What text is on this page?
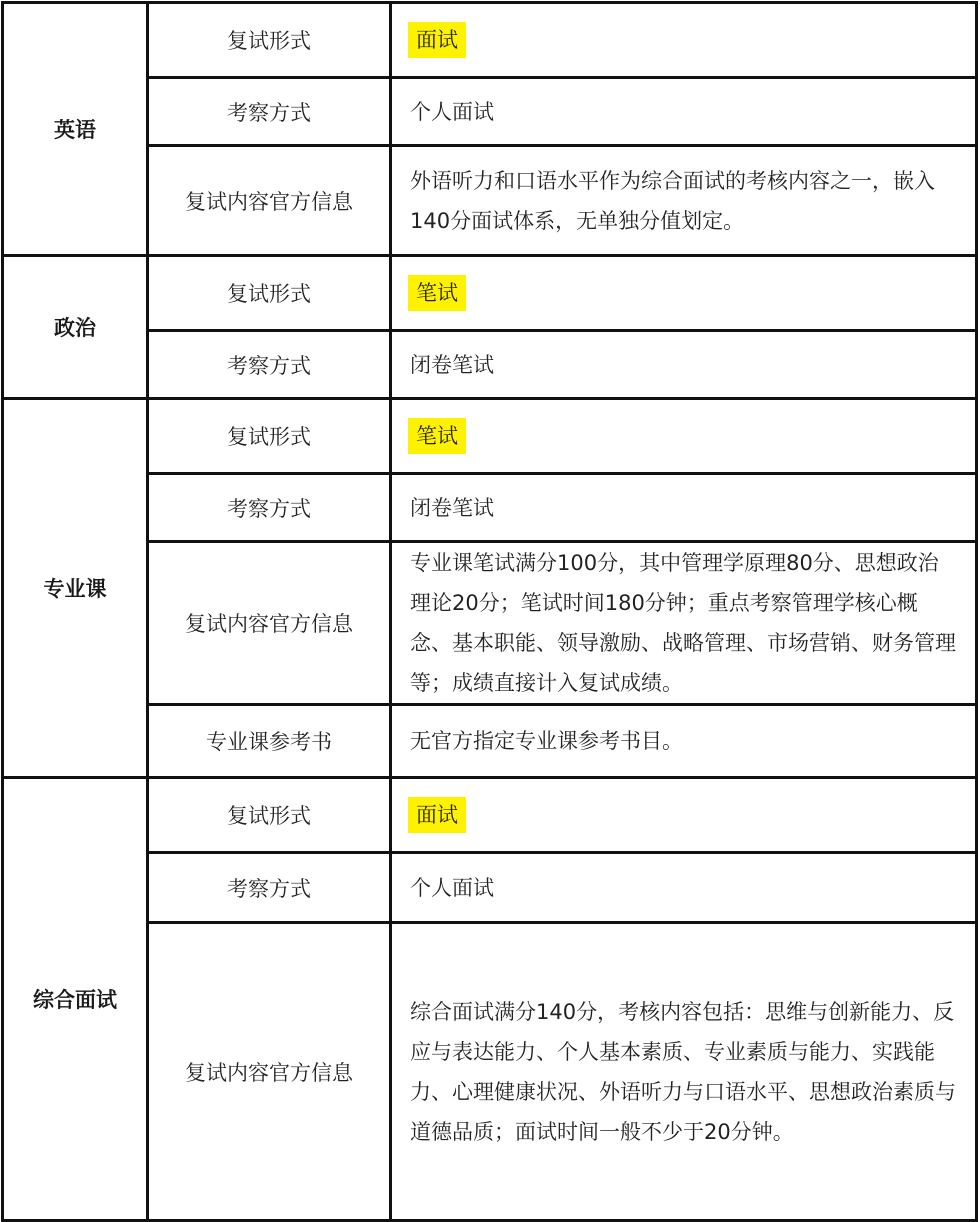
英语	复试形式	面试
	考察方式	个人面试
	复试内容官方信息	外语听力和口语水平作为综合面试的考核内容之一，嵌入140分面试体系，无单独分值划定。
政治	复试形式	笔试
	考察方式	闭卷笔试
专业课	复试形式	笔试
	考察方式	闭卷笔试
	复试内容官方信息	专业课笔试满分100分，其中管理学原理80分、思想政治理论20分；笔试时间180分钟；重点考察管理学核心概念、基本职能、领导激励、战略管理、市场营销、财务管理等；成绩直接计入复试成绩。
	专业课参考书	无官方指定专业课参考书目。
综合面试	复试形式	面试
	考察方式	个人面试
	复试内容官方信息	综合面试满分140分，考核内容包括：思维与创新能力、反应与表达能力、个人基本素质、专业素质与能力、实践能力、心理健康状况、外语听力与口语水平、思想政治素质与道德品质；面试时间一般不少于20分钟。
